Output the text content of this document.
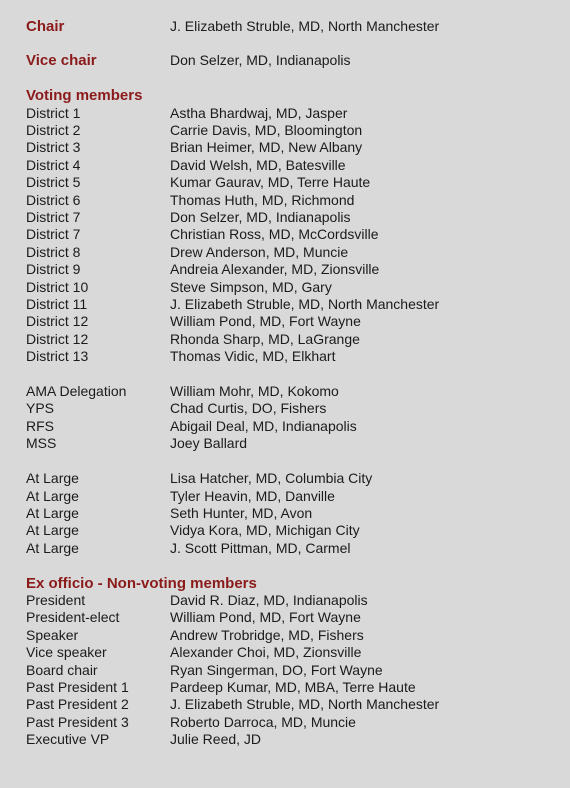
Chair	J. Elizabeth Struble, MD, North Manchester
Vice chair	Don Selzer, MD, Indianapolis
Voting members
District 1	Astha Bhardwaj, MD, Jasper
District 2	Carrie Davis, MD, Bloomington
District 3	Brian Heimer, MD, New Albany
District 4	David Welsh, MD, Batesville
District 5	Kumar Gaurav, MD, Terre Haute
District 6	Thomas Huth, MD, Richmond
District 7	Don Selzer, MD, Indianapolis
District 7	Christian Ross, MD, McCordsville
District 8	Drew Anderson, MD, Muncie
District 9	Andreia Alexander, MD, Zionsville
District 10	Steve Simpson, MD, Gary
District 11	J. Elizabeth Struble, MD, North Manchester
District 12	William Pond, MD, Fort Wayne
District 12	Rhonda Sharp, MD, LaGrange
District 13	Thomas Vidic, MD, Elkhart
AMA Delegation	William Mohr, MD, Kokomo
YPS	Chad Curtis, DO, Fishers
RFS	Abigail Deal, MD, Indianapolis
MSS	Joey Ballard
At Large	Lisa Hatcher, MD, Columbia City
At Large	Tyler Heavin, MD, Danville
At Large	Seth Hunter, MD, Avon
At Large	Vidya Kora, MD, Michigan City
At Large	J. Scott Pittman, MD, Carmel
Ex officio - Non-voting members
President	David R. Diaz, MD, Indianapolis
President-elect	William Pond, MD, Fort Wayne
Speaker	Andrew Trobridge, MD, Fishers
Vice speaker	Alexander Choi, MD, Zionsville
Board chair	Ryan Singerman, DO, Fort Wayne
Past President 1	Pardeep Kumar, MD, MBA, Terre Haute
Past President 2	J. Elizabeth Struble, MD, North Manchester
Past President 3	Roberto Darroca, MD, Muncie
Executive VP	Julie Reed, JD
